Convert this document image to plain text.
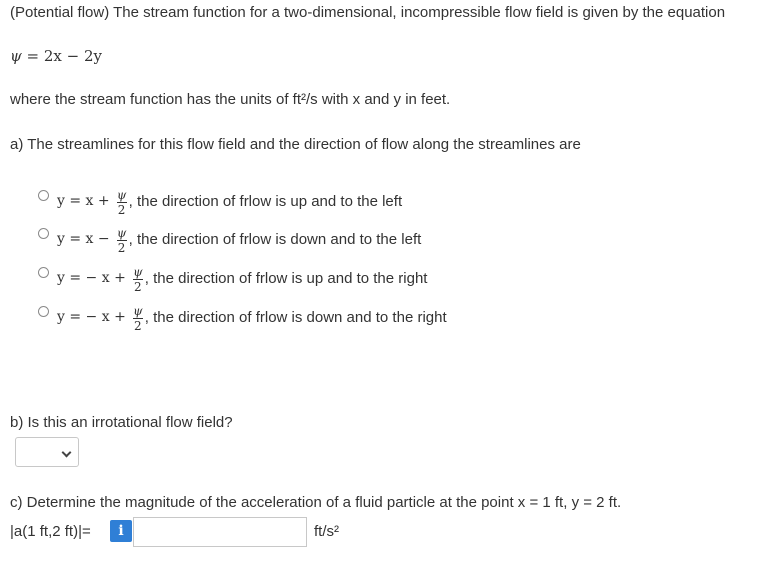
(Potential flow) The stream function for a two-dimensional, incompressible flow field is given by the equation
ψ = 2x − 2y
where the stream function has the units of ft²/s with x and y in feet.
a) The streamlines for this flow field and the direction of flow along the streamlines are
$y = x + \frac{\psi}{2}$ , the direction of frlow is up and to the left
$y = x - \frac{\psi}{2}$ , the direction of frlow is down and to the left
y = − $x + \frac{\psi}{2}$ , the direction of frlow is up and to the right
y = − $x + \frac{\psi}{2}$ , the direction of frlow is down and to the right
b) Is this an irrotational flow field?
c) Determine the magnitude of the acceleration of a fluid particle at the point x = 1 ft, y = 2 ft.
|a(1 ft,2 ft)|=	i	ft/s²
